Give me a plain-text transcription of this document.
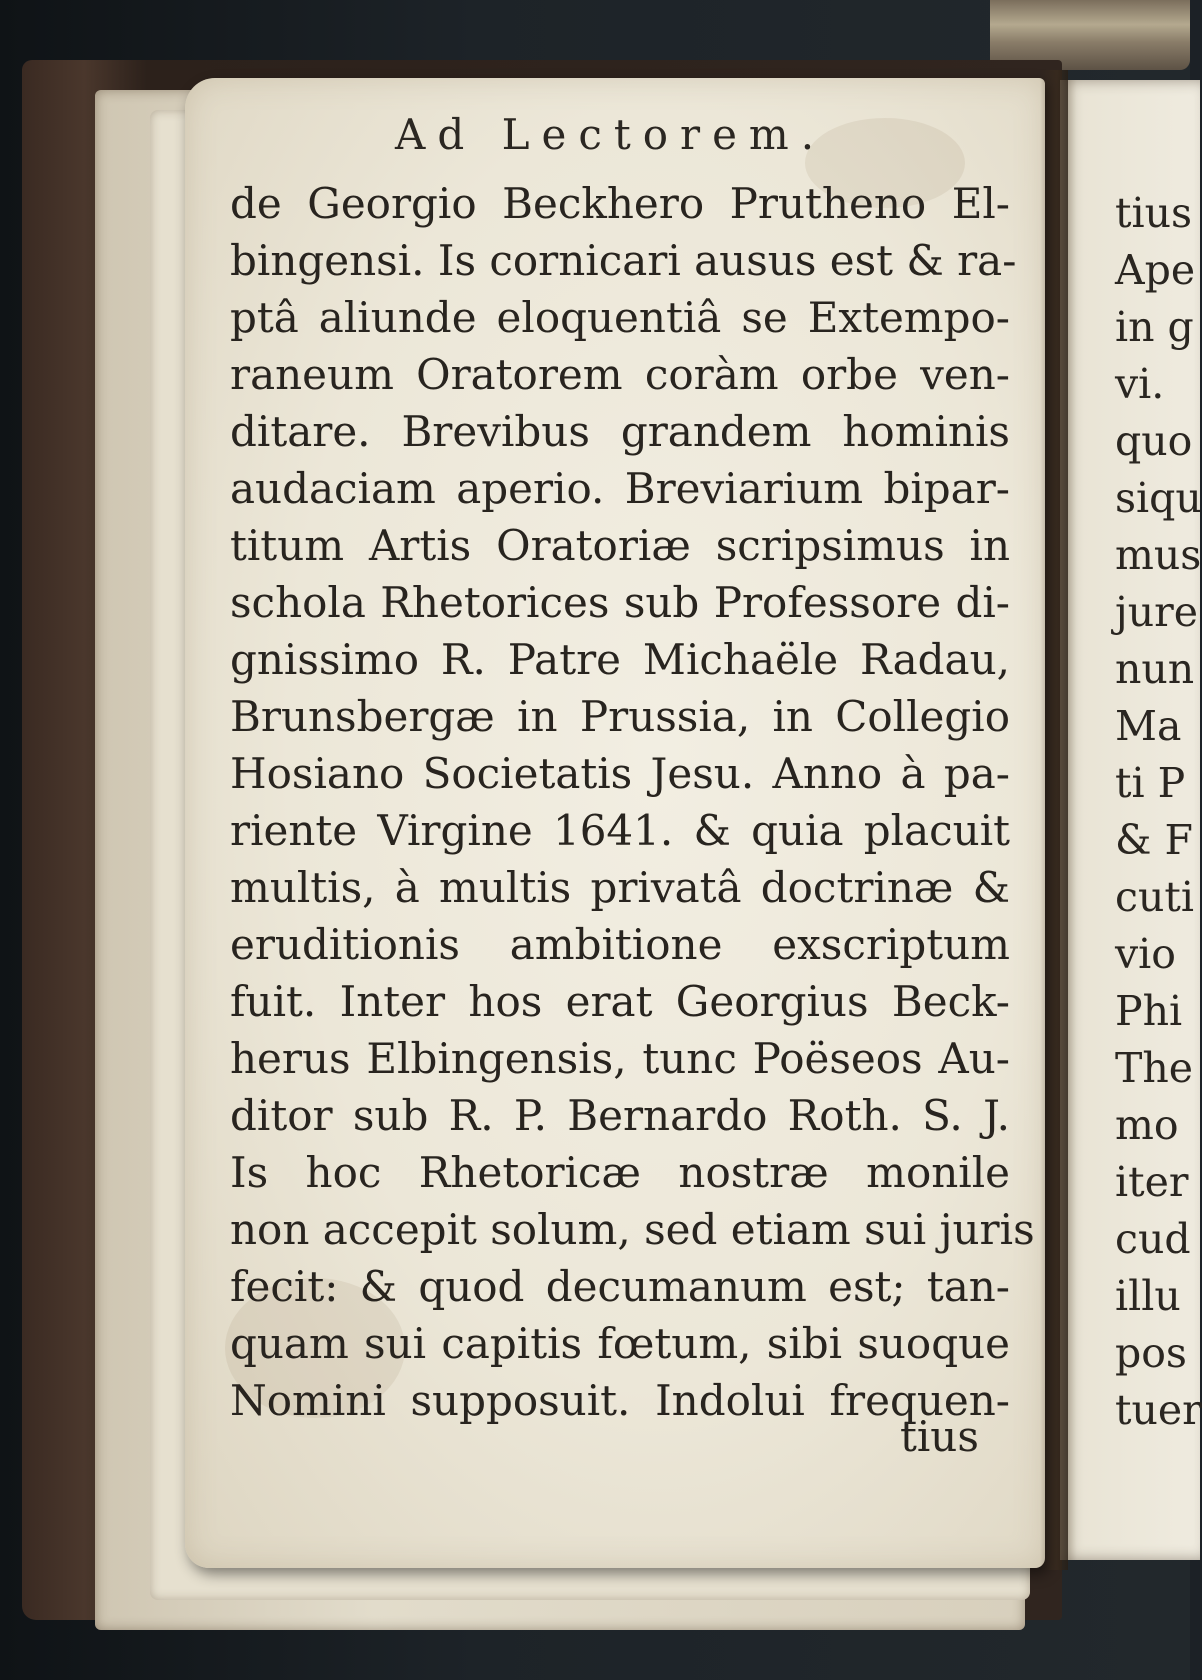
Ad Lectorem.
de Georgio Beckhero Prutheno El-
bingensi. Is cornicari ausus est & ra-
ptâ aliunde eloquentiâ se Extempo-
raneum Oratorem coràm orbe ven-
ditare. Brevibus grandem hominis
audaciam aperio. Breviarium bipar-
titum Artis Oratoriæ scripsimus in
schola Rhetorices sub Professore di-
gnissimo R. Patre Michaële Radau,
Brunsbergæ in Prussia, in Collegio
Hosiano Societatis Jesu. Anno à pa-
riente Virgine 1641. & quia placuit
multis, à multis privatâ doctrinæ &
eruditionis ambitione exscriptum
fuit. Inter hos erat Georgius Beck-
herus Elbingensis, tunc Poëseos Au-
ditor sub R. P. Bernardo Roth. S. J.
Is hoc Rhetoricæ nostræ monile
non accepit solum, sed etiam sui juris
fecit: & quod decumanum est; tan-
quam sui capitis fœtum, sibi suoque
Nomini supposuit. Indolui frequen-
tius
tius
Ape
in g
vi.
quo
siqu
mus
jure
nun
Ma
ti P
& F
cuti
vio
Phi
The
mo
iter
cud
illu
pos
tuer
